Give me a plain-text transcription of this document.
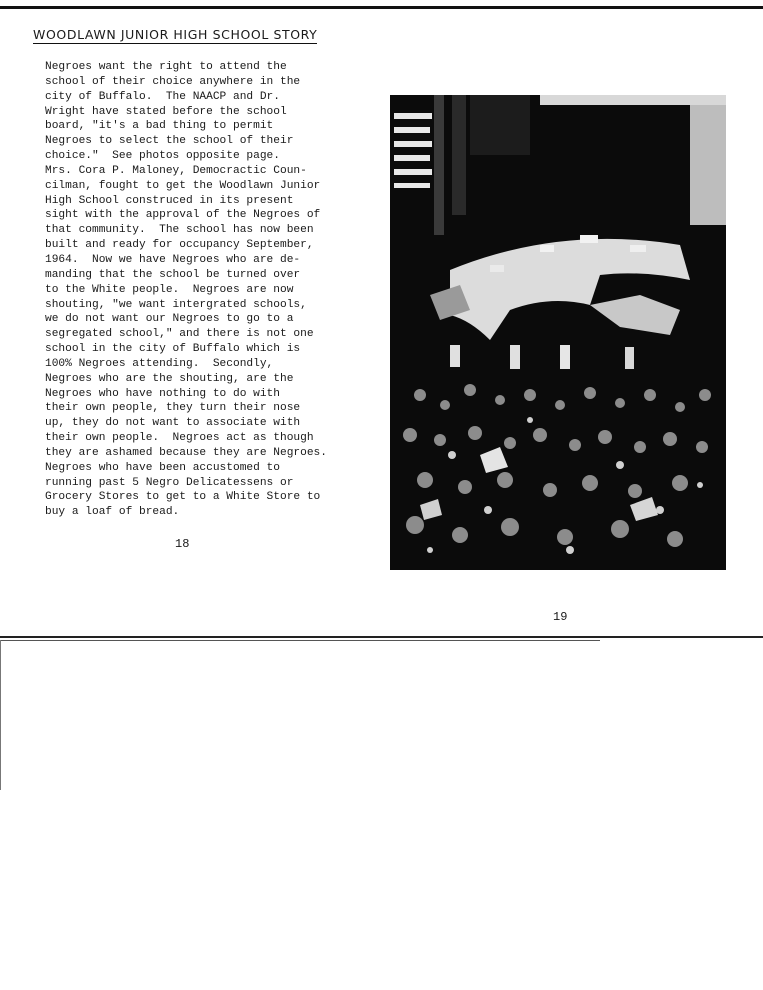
WOODLAWN JUNIOR HIGH SCHOOL STORY
Negroes want the right to attend the
school of their choice anywhere in the
city of Buffalo.  The NAACP and Dr.
Wright have stated before the school
board, "it's a bad thing to permit
Negroes to select the school of their
choice."  See photos opposite page.
Mrs. Cora P. Maloney, Democractic Coun-
cilman, fought to get the Woodlawn Junior
High School construced in its present
sight with the approval of the Negroes of
that community.  The school has now been
built and ready for occupancy September,
1964.  Now we have Negroes who are de-
manding that the school be turned over
to the White people.  Negroes are now
shouting, "we want intergrated schools,
we do not want our Negroes to go to a
segregated school," and there is not one
school in the city of Buffalo which is
100% Negroes attending.  Secondly,
Negroes who are the shouting, are the
Negroes who have nothing to do with
their own people, they turn their nose
up, they do not want to associate with
their own people.  Negroes act as though
they are ashamed because they are Negroes.
Negroes who have been accustomed to
running past 5 Negro Delicatessens or
Grocery Stores to get to a White Store to
buy a loaf of bread.
18
19
